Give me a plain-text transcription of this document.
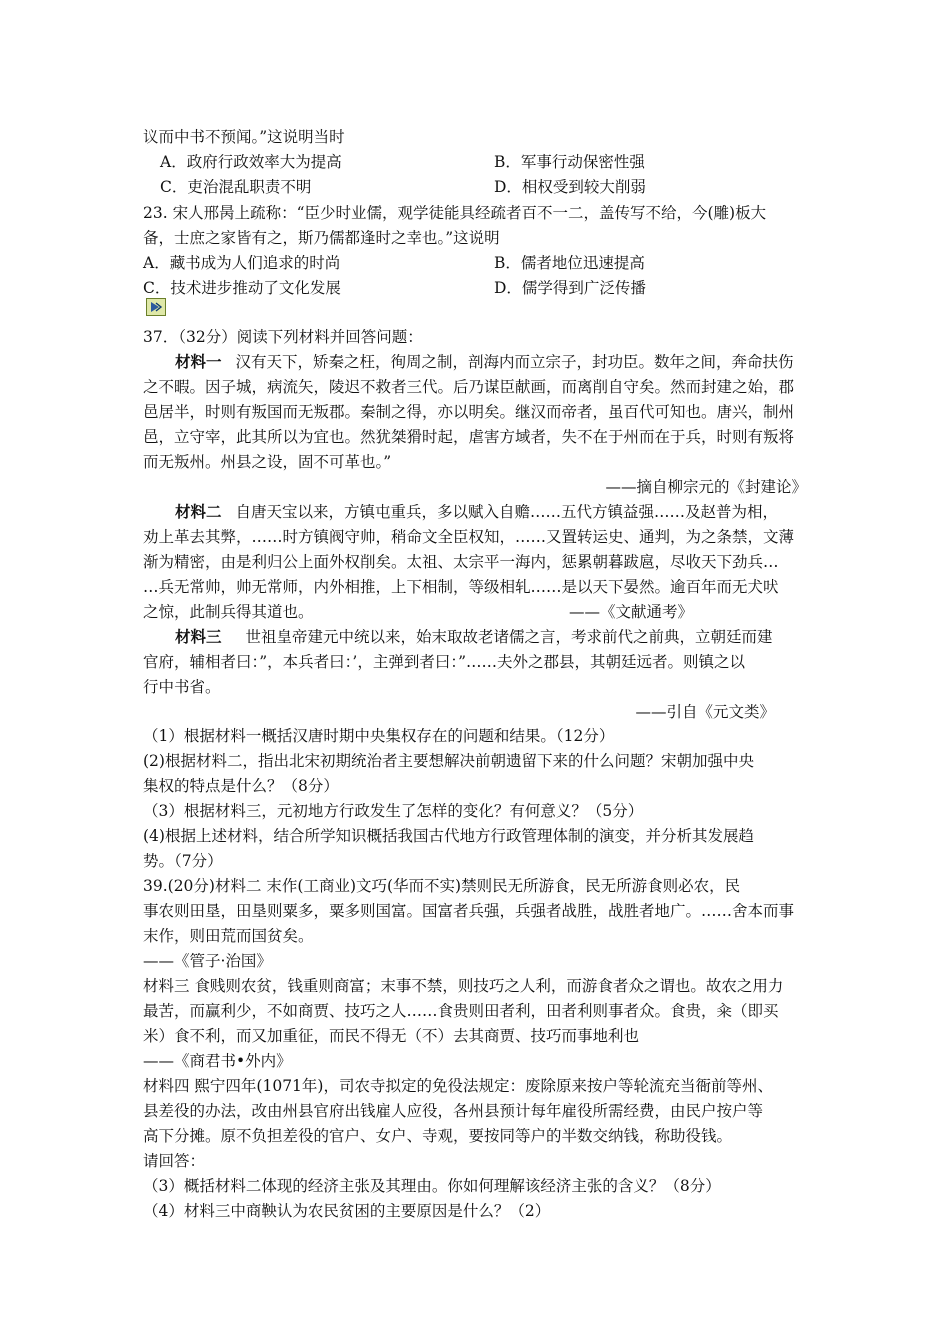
议而中书不预闻。”这说明当时
A．政府行政效率大为提高	B．军事行动保密性强
C．吏治混乱职责不明	D．相权受到较大削弱
23. 宋人邢昺上疏称：“臣少时业儒，观学徒能具经疏者百不一二，盖传写不给，今(雕)板大
备，士庶之家皆有之，斯乃儒都逢时之幸也。”这说明
A．藏书成为人们追求的时尚	B．儒者地位迅速提高
C．技术进步推动了文化发展	D．儒学得到广泛传播
37．（32分）阅读下列材料并回答问题：
材料一 汉有天下，矫秦之枉，徇周之制，剖海内而立宗子，封功臣。数年之间，奔命扶伤
之不暇。因子城，病流矢，陵迟不救者三代。后乃谋臣献画，而离削自守矣。然而封建之始，郡
邑居半，时则有叛国而无叛郡。秦制之得，亦以明矣。继汉而帝者，虽百代可知也。唐兴，制州
邑，立守宰，此其所以为宜也。然犹桀猾时起，虐害方域者，失不在于州而在于兵，时则有叛将
而无叛州。州县之设，固不可革也。”
——摘自柳宗元的《封建论》
材料二 自唐天宝以来，方镇屯重兵，多以赋入自赡……五代方镇益强……及赵普为相，
劝上革去其弊，……时方镇阀守帅，稍命文全臣权知，……又置转运史、通判，为之条禁，文薄
渐为精密，由是利归公上面外权削矣。太祖、太宗平一海内，惩累朝暮跋扈，尽收天下劲兵…
…兵无常帅，帅无常师，内外相推，上下相制，等级相轧……是以天下晏然。逾百年而无犬吠
之惊，此制兵得其道也。	——《文献通考》
材料三 世祖皇帝建元中统以来，始末取故老诸儒之言，考求前代之前典，立朝廷而建
官府，辅相者曰：”，本兵者曰：’，主弹到者曰：”……夫外之郡县，其朝廷远者。则镇之以
行中书省。
——引自《元文类》
（1）根据材料一概括汉唐时期中央集权存在的问题和结果。（12分）
(2)根据材料二，指出北宋初期统治者主要想解决前朝遗留下来的什么问题？宋朝加强中央
集权的特点是什么？（8分）
（3）根据材料三，元初地方行政发生了怎样的变化？有何意义？（5分）
(4)根据上述材料，结合所学知识概括我国古代地方行政管理体制的演变，并分析其发展趋
势。（7分）
39.(20分)材料二 末作(工商业)文巧(华而不实)禁则民无所游食，民无所游食则必农，民
事农则田垦，田垦则粟多，粟多则国富。国富者兵强，兵强者战胜，战胜者地广。……舍本而事
末作，则田荒而国贫矣。
——《管子·治国》
材料三 食贱则农贫，钱重则商富；末事不禁，则技巧之人利，而游食者众之谓也。故农之用力
最苦，而赢利少，不如商贾、技巧之人……食贵则田者利，田者利则事者众。食贵，籴（即买
米）食不利，而又加重征，而民不得无（不）去其商贾、技巧而事地利也
——《商君书•外内》
材料四 熙宁四年(1071年)，司农寺拟定的免役法规定：废除原来按户等轮流充当衙前等州、
县差役的办法，改由州县官府出钱雇人应役，各州县预计每年雇役所需经费，由民户按户等
高下分摊。原不负担差役的官户、女户、寺观，要按同等户的半数交纳钱，称助役钱。
请回答：
（3）概括材料二体现的经济主张及其理由。你如何理解该经济主张的含义？（8分）
（4）材料三中商鞅认为农民贫困的主要原因是什么？（2）
